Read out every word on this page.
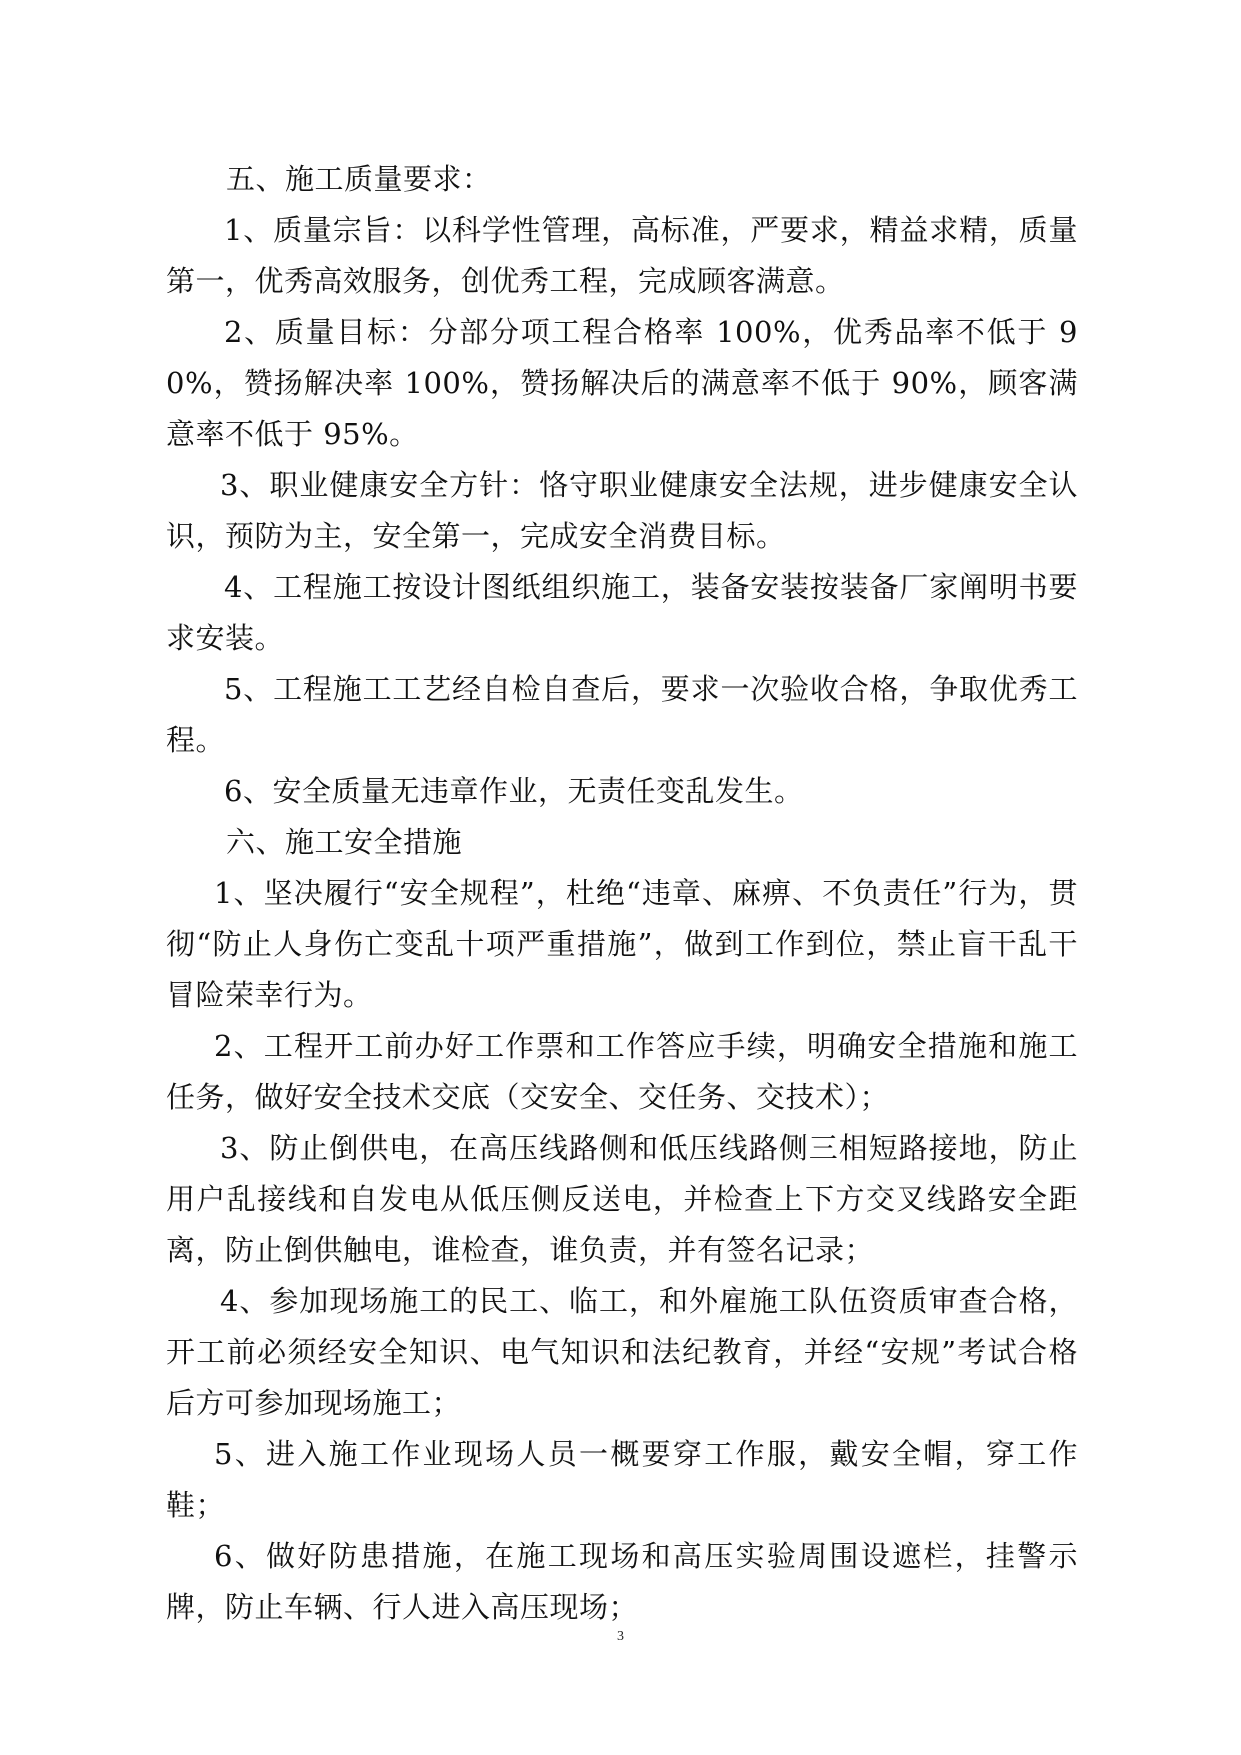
五、施工质量要求：

1、质量宗旨：以科学性管理，高标准，严要求，精益求精，质量第一，优秀高效服务，创优秀工程，完成顾客满意。

2、质量目标：分部分项工程合格率 100%，优秀品率不低于 90%，赞扬解决率 100%，赞扬解决后的满意率不低于 90%，顾客满意率不低于 95%。

3、职业健康安全方针：恪守职业健康安全法规，进步健康安全认识，预防为主，安全第一，完成安全消费目标。

4、工程施工按设计图纸组织施工，装备安装按装备厂家阐明书要求安装。

5、工程施工工艺经自检自查后，要求一次验收合格，争取优秀工程。

6、安全质量无违章作业，无责任变乱发生。

六、施工安全措施

1、坚决履行“安全规程”，杜绝“违章、麻痹、不负责任”行为，贯彻“防止人身伤亡变乱十项严重措施”，做到工作到位，禁止盲干乱干冒险荣幸行为。

2、工程开工前办好工作票和工作答应手续，明确安全措施和施工任务，做好安全技术交底（交安全、交任务、交技术）；

3、防止倒供电，在高压线路侧和低压线路侧三相短路接地，防止用户乱接线和自发电从低压侧反送电，并检查上下方交叉线路安全距离，防止倒供触电，谁检查，谁负责，并有签名记录；

4、参加现场施工的民工、临工，和外雇施工队伍资质审查合格，开工前必须经安全知识、电气知识和法纪教育，并经“安规”考试合格后方可参加现场施工；

5、进入施工作业现场人员一概要穿工作服，戴安全帽，穿工作鞋；

6、做好防患措施，在施工现场和高压实验周围设遮栏，挂警示牌，防止车辆、行人进入高压现场；

3
